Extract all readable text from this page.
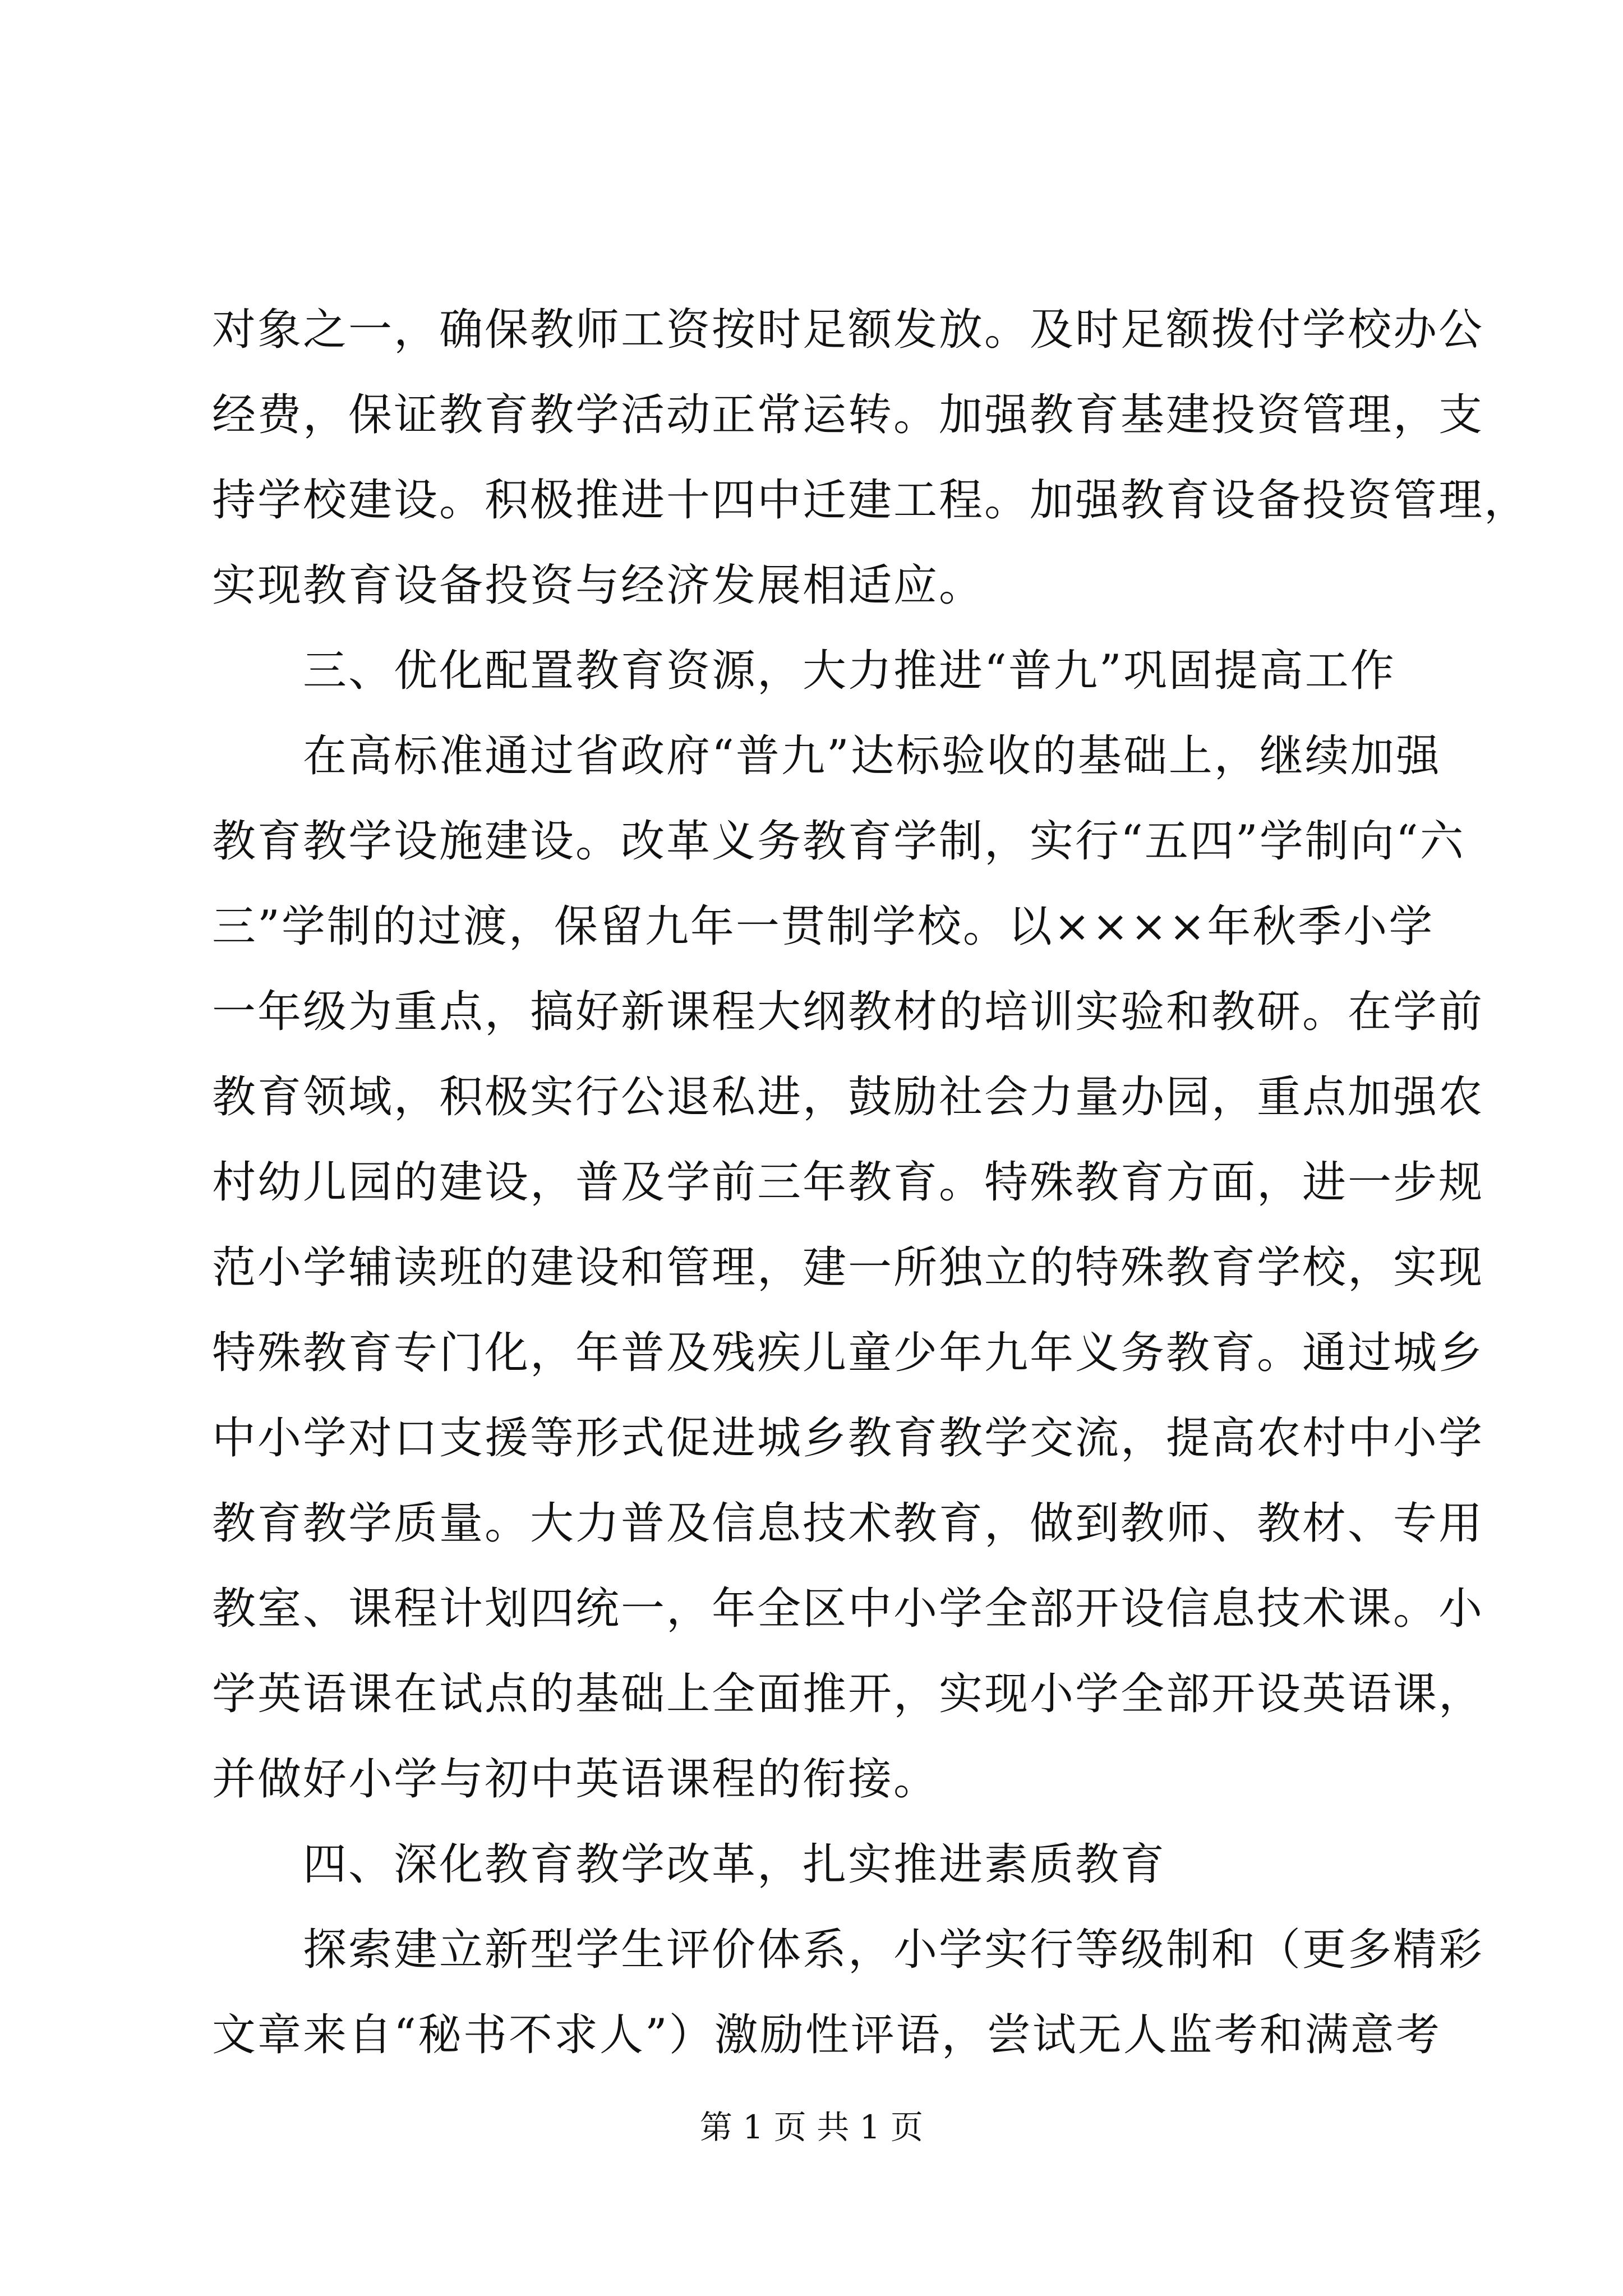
对象之一，确保教师工资按时足额发放。及时足额拨付学校办公
经费，保证教育教学活动正常运转。加强教育基建投资管理，支
持学校建设。积极推进十四中迁建工程。加强教育设备投资管理，
实现教育设备投资与经济发展相适应。
　　三、优化配置教育资源，大力推进“普九”巩固提高工作
　　在高标准通过省政府“普九”达标验收的基础上，继续加强
教育教学设施建设。改革义务教育学制，实行“五四”学制向“六
三”学制的过渡，保留九年一贯制学校。以××××年秋季小学
一年级为重点，搞好新课程大纲教材的培训实验和教研。在学前
教育领域，积极实行公退私进，鼓励社会力量办园，重点加强农
村幼儿园的建设，普及学前三年教育。特殊教育方面，进一步规
范小学辅读班的建设和管理，建一所独立的特殊教育学校，实现
特殊教育专门化，年普及残疾儿童少年九年义务教育。通过城乡
中小学对口支援等形式促进城乡教育教学交流，提高农村中小学
教育教学质量。大力普及信息技术教育，做到教师、教材、专用
教室、课程计划四统一，年全区中小学全部开设信息技术课。小
学英语课在试点的基础上全面推开，实现小学全部开设英语课，
并做好小学与初中英语课程的衔接。
　　四、深化教育教学改革，扎实推进素质教育
　　探索建立新型学生评价体系，小学实行等级制和（更多精彩
文章来自“秘书不求人”）激励性评语，尝试无人监考和满意考
第 1 页 共 1 页
